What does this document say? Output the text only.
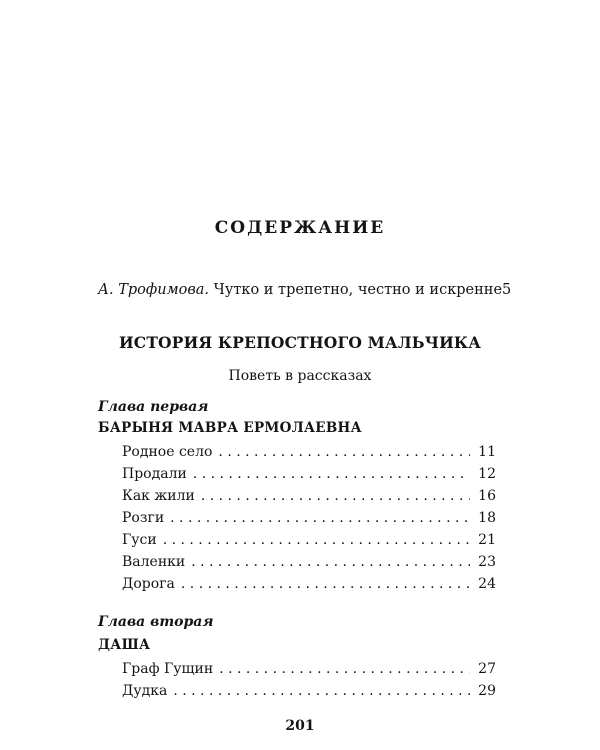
СОДЕРЖАНИЕ
А. Трофимова. Чутко и трепетно, честно и искренне 5
ИСТОРИЯ КРЕПОСТНОГО МАЛЬЧИКА
Поветь в рассказах
Глава первая
БАРЫНЯ МАВРА ЕРМОЛАЕВНА
Родное село . . .	11
Продали . . .	12
Как жили . . .	16
Розги . . .	18
Гуси . . .	21
Валенки . . .	23
Дорога . . .	24
Глава вторая
ДАША
Граф Гущин . . .	27
Дудка . . .	29
201
